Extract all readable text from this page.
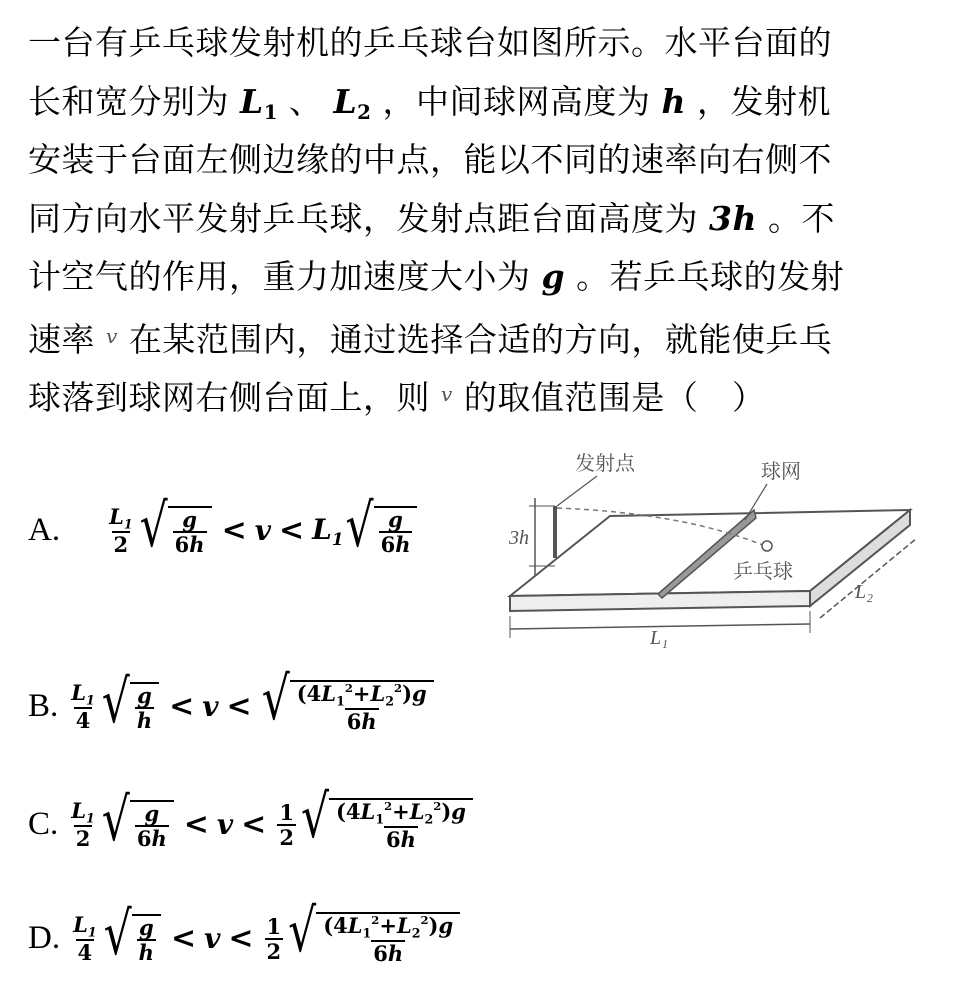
一台有乒乓球发射机的乒乓球台如图所示。水平台面的
长和宽分别为 $L_1$ 、 $L_2$ ，中间球网高度为 h ，发射机
安装于台面左侧边缘的中点，能以不同的速率向右侧不
同方向水平发射乒乓球，发射点距台面高度为 3h 。不
计空气的作用，重力加速度大小为 g 。若乒乓球的发射
速率 $^v$ 在某范围内，通过选择合适的方向，就能使乒乓
球落到球网右侧台面上，则 $^v$ 的取值范围是（　）
A. $\frac{L_1}{2}$ √ $\frac{g}{6h} < v < L_1$ √ $\frac{g}{6h}$
B. $\frac{L_1}{4}$ √ $\frac{g}{h} < v$ < √ $\frac{(4L_1^2+L_2^2)g}{6h}$
C. $\frac{L_1}{2}$ √ $\frac{g}{6h} < v < \frac{1}{2}$ √ $\frac{(4L_1^2+L_2^2)g}{6h}$
D. $\frac{L_1}{4}$ √ $\frac{g}{h} < v < \frac{1}{2}$ √ $\frac{(4L_1^2+L_2^2)g}{6h}$
发射点	球网
乒乓球
3h
L₁
L₂
